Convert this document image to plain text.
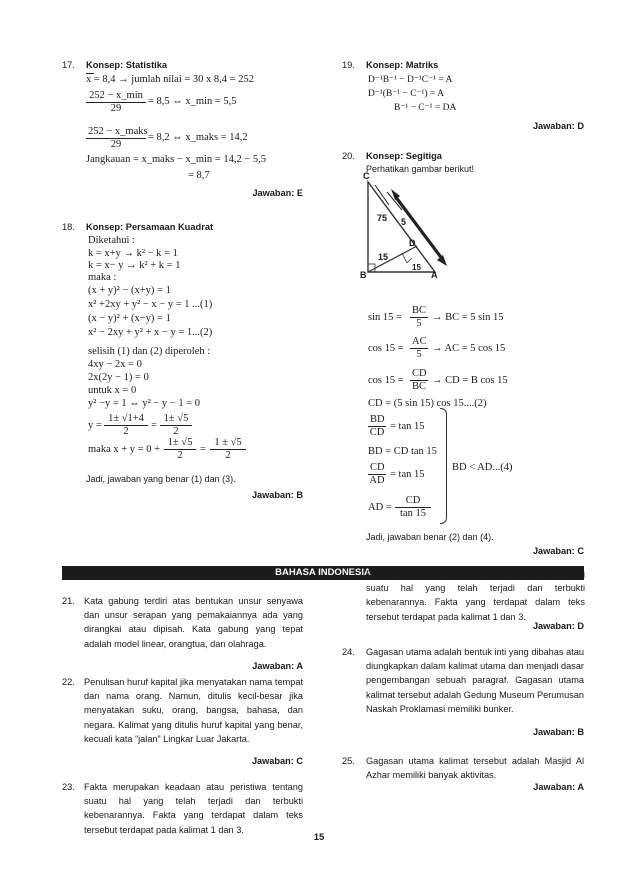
17. Konsep: Statistika
x = 8,4 → jumlah nilai = 30 x 8,4 = 252
252 − x_min
29
= 8,5 ⇔ x_min = 5,5
252 − x_maks
29
= 8,2 ⇔ x_maks = 14,2
Jangkauan = x_maks − x_min = 14,2 − 5,5
= 8,7
Jawaban: E
18. Konsep: Persamaan Kuadrat
Diketahui :
k = x+y → k² − k = 1
k = x− y → k² + k = 1
maka :
(x + y)² − (x+y) = 1
x² +2xy + y² − x − y = 1 ...(1)
(x − y)² + (x−y) = 1
x² − 2xy + y² + x − y = 1...(2)
selisih (1) dan (2) diperoleh :
4xy − 2x = 0
2x(2y − 1) = 0
untuk x = 0
y² −y = 1 ⇔ y² − y − 1 = 0
$y = \frac{1\pm √1+4}{2} = \frac{1\pm √5}{2}$
maka $x + y = 0 + \frac{1\pm √5}{2} = \frac{1 \pm √5}{2}$
Jadi, jawaban yang benar (1) dan (3).
Jawaban: B
19. Konsep: Matriks
D⁻¹B⁻¹ − D⁻¹C⁻¹ = A
D⁻¹(B⁻¹ − C⁻¹) = A
B⁻¹ − C⁻¹ = DA
Jawaban: D
20. Konsep: Segitiga
Perhatikan gambar berikut!
C
B	A
D
75
15
15
5
$\sin 15 = \frac{BC}{5}$ → BC = 5 sin 15
$\cos 15 = \frac{AC}{5}$ → AC = 5 cos 15
$\cos 15 = \frac{CD}{BC}$ → CD = B cos 15
CD = (5 sin 15) cos 15....(2)
$\frac{BD}{CD} = \tan 15$
BD = CD tan 15
$\frac{CD}{AD} = \tan 15$
AD = $\frac{CD}{\tan 15}$
BD < AD...(4)
Jadi, jawaban benar (2) dan (4).
Jawaban: C
BAHASA INDONESIA
21. Kata gabung terdiri atas bentukan unsur senyawa dan unsur serapan yang pemakaiannya ada yang dirangkai atau dipisah. Kata gabung yang tepat adalah model linear, orangtua, dan olahraga.
Jawaban: A
22. Penulisan huruf kapital jika menyatakan nama tempat dan nama orang. Namun, ditulis kecil-besar jika menyatakan suku, orang, bangsa, bahasa, dan negara. Kalimat yang ditulis huruf kapital yang benar, kecuali kata “jalan” Lingkar Luar Jakarta.
Jawaban: C
23. Fakta merupakan keadaan atau peristiwa tentang suatu hal yang telah terjadi dan terbukti kebenarannya. Fakta yang terdapat dalam teks tersebut terdapat pada kalimat 1 dan 3.
Fakta merupakan keadaan atau peristiwa tentang suatu hal yang telah terjadi dan terbukti kebenarannya. Fakta yang terdapat dalam teks tersebut terdapat pada kalimat 1 dan 3.
Jawaban: D
24. Gagasan utama adalah bentuk inti yang dibahas atau diungkapkan dalam kalimat utama dan menjadi dasar pengembangan sebuah paragraf. Gagasan utama kalimat tersebut adalah Gedung Museum Perumusan Naskah Proklamasi memiliki bunker.
Jawaban: B
25. Gagasan utama kalimat tersebut adalah Masjid Al Azhar memiliki banyak aktivitas.
Jawaban: A
15
